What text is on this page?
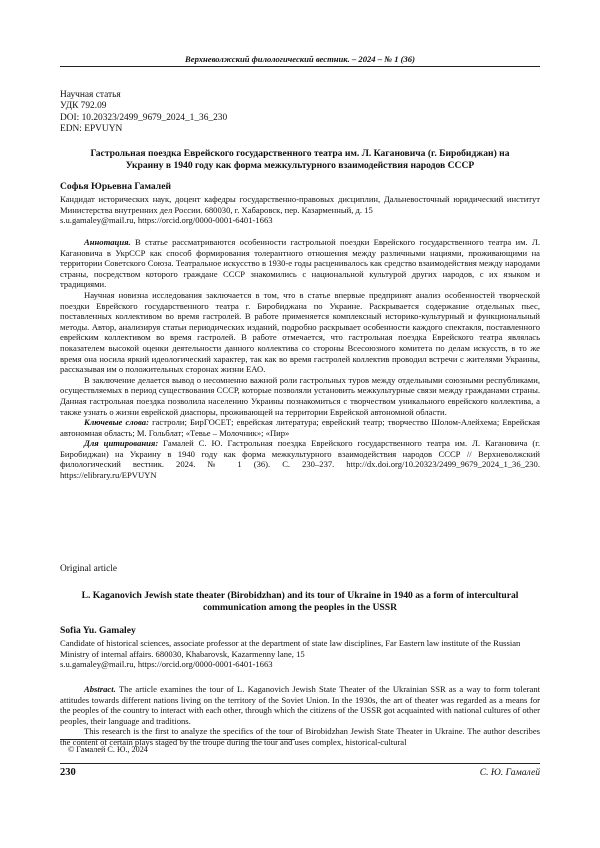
Верхневолжский филологический вестник. – 2024 – № 1 (36)
Научная статья
УДК 792.09
DOI: 10.20323/2499_9679_2024_1_36_230
EDN: EPVUYN
Гастрольная поездка Еврейского государственного театра им. Л. Кагановича (г. Биробиджан) на Украину в 1940 году как форма межкультурного взаимодействия народов СССР
Софья Юрьевна Гамалей
Кандидат исторических наук, доцент кафедры государственно-правовых дисциплин, Дальневосточный юридический институт Министерства внутренних дел России. 680030, г. Хабаровск, пер. Казарменный, д. 15
s.u.gamaley@mail.ru, https://orcid.org/0000-0001-6401-1663

Аннотация. В статье рассматриваются особенности гастрольной поездки Еврейского государственного театра им. Л. Кагановича в УкрССР как способ формирования толерантного отношения между различными нациями, проживающими на территории Советского Союза. Театральное искусство в 1930-е годы расценивалось как средство взаимодействия между народами страны, посредством которого граждане СССР знакомились с национальной культурой других народов, с их языком и традициями.

Научная новизна исследования заключается в том, что в статье впервые предпринят анализ особенностей творческой поездки Еврейского государственного театра г. Биробиджана по Украине. Раскрывается содержание отдельных пьес, поставленных коллективом во время гастролей. В работе применяется комплексный историко-культурный и функциональный методы. Автор, анализируя статьи периодических изданий, подробно раскрывает особенности каждого спектакля, поставленного еврейским коллективом во время гастролей. В работе отмечается, что гастрольная поездка Еврейского театра являлась показателем высокой оценки деятельности данного коллектива со стороны Всесоюзного комитета по делам искусств, в то же время она носила яркий идеологический характер, так как во время гастролей коллектив проводил встречи с жителями Украины, рассказывая им о положительных сторонах жизни ЕАО.

В заключение делается вывод о несомненно важной роли гастрольных туров между отдельными союзными республиками, осуществляемых в период существования СССР, которые позволяли установить межкультурные связи между гражданами страны. Данная гастрольная поездка позволила населению Украины познакомиться с творчеством уникального еврейского коллектива, а также узнать о жизни еврейской диаспоры, проживающей на территории Еврейской автономной области.

Ключевые слова: гастроли; БирГОСЕТ; еврейская литература; еврейский театр; творчество Шолом-Алейхема; Еврейская автономная область; М. Гольблат; «Тевье – Молочник»; «Пир»

Для цитирования: Гамалей С. Ю. Гастрольная поездка Еврейского государственного театра им. Л. Кагановича (г. Биробиджан) на Украину в 1940 году как форма межкультурного взаимодействия народов СССР // Верхневолжский филологический вестник. 2024. № 1 (36). С. 230–237. http://dx.doi.org/10.20323/2499_9679_2024_1_36_230. https://elibrary.ru/EPVUYN

Original article
L. Kaganovich Jewish state theater (Birobidzhan) and its tour of Ukraine in 1940 as a form of intercultural communication among the peoples in the USSR
Sofia Yu. Gamaley
Candidate of historical sciences, associate professor at the department of state law disciplines, Far Eastern law institute of the Russian Ministry of internal affairs. 680030, Khabarovsk, Kazarmenny lane, 15
s.u.gamaley@mail.ru, https://orcid.org/0000-0001-6401-1663

Abstract. The article examines the tour of L. Kaganovich Jewish State Theater of the Ukrainian SSR as a way to form tolerant attitudes towards different nations living on the territory of the Soviet Union. In the 1930s, the art of theater was regarded as a means for the peoples of the country to interact with each other, through which the citizens of the USSR got acquainted with national cultures of other peoples, their language and traditions.

This research is the first to analyze the specifics of the tour of Birobidzhan Jewish State Theater in Ukraine. The author describes the content of certain plays staged by the troupe during the tour and uses complex, historical-cultural

© Гамалей С. Ю., 2024
230	С. Ю. Гамалей
